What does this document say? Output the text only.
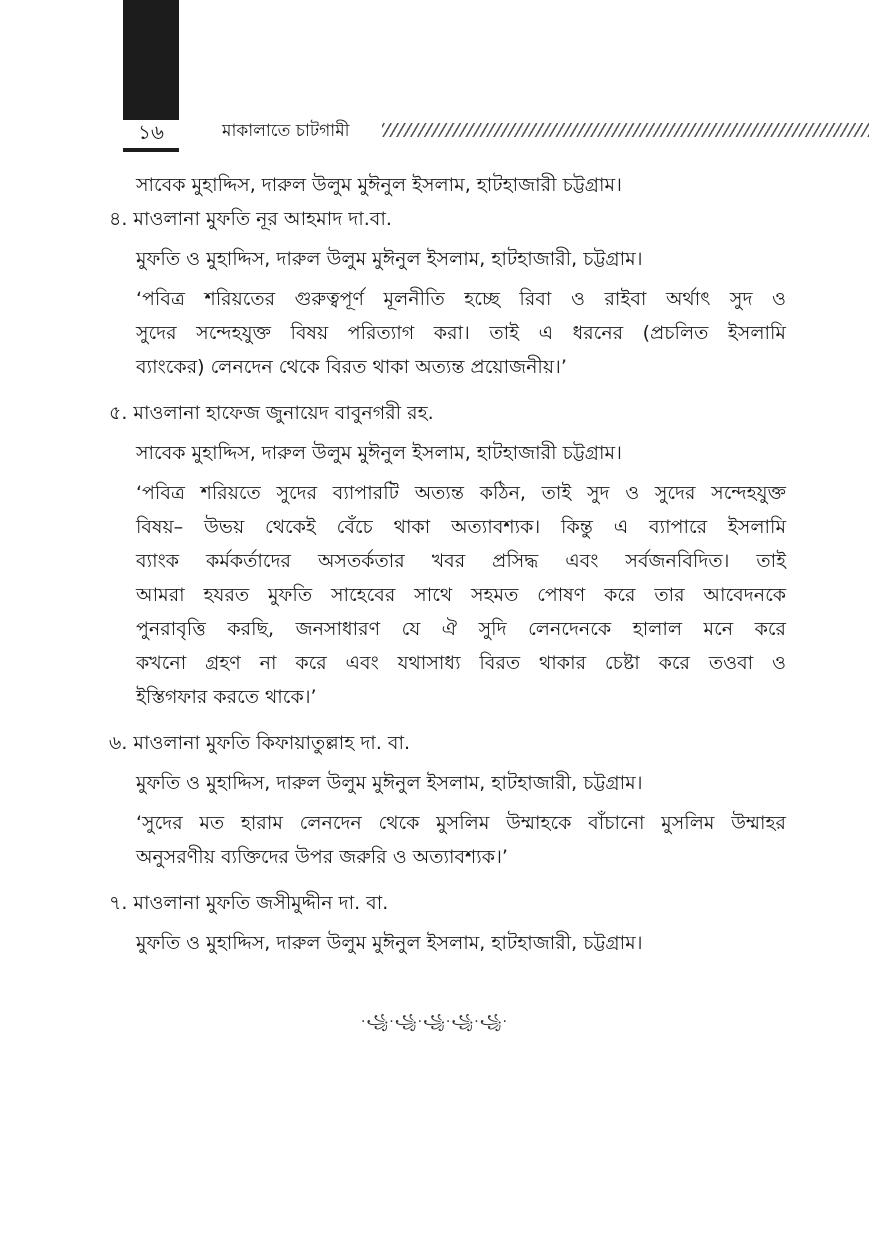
১৬	মাকালাতে চাটগামী
সাবেক মুহাদ্দিস, দারুল উলুম মুঈনুল ইসলাম, হাটহাজারী চট্টগ্রাম।
৪. মাওলানা মুফতি নূর আহমাদ দা.বা.
মুফতি ও মুহাদ্দিস, দারুল উলুম মুঈনুল ইসলাম, হাটহাজারী, চট্টগ্রাম।
‘পবিত্র শরিয়তের গুরুত্বপূর্ণ মূলনীতি হচ্ছে রিবা ও রাইবা অর্থাৎ সুদ ও
সুদের সন্দেহযুক্ত বিষয় পরিত্যাগ করা। তাই এ ধরনের (প্রচলিত ইসলামি
ব্যাংকের) লেনদেন থেকে বিরত থাকা অত্যন্ত প্রয়োজনীয়।’
৫. মাওলানা হাফেজ জুনায়েদ বাবুনগরী রহ.
সাবেক মুহাদ্দিস, দারুল উলুম মুঈনুল ইসলাম, হাটহাজারী চট্টগ্রাম।
‘পবিত্র শরিয়তে সুদের ব্যাপারটি অত্যন্ত কঠিন, তাই সুদ ও সুদের সন্দেহযুক্ত
বিষয়– উভয় থেকেই বেঁচে থাকা অত্যাবশ্যক। কিন্তু এ ব্যাপারে ইসলামি
ব্যাংক কর্মকর্তাদের অসতর্কতার খবর প্রসিদ্ধ এবং সর্বজনবিদিত। তাই
আমরা হযরত মুফতি সাহেবের সাথে সহমত পোষণ করে তার আবেদনকে
পুনরাবৃত্তি করছি, জনসাধারণ যে ঐ সুদি লেনদেনকে হালাল মনে করে
কখনো গ্রহণ না করে এবং যথাসাধ্য বিরত থাকার চেষ্টা করে তওবা ও
ইস্তিগফার করতে থাকে।’
৬. মাওলানা মুফতি কিফায়াতুল্লাহ দা. বা.
মুফতি ও মুহাদ্দিস, দারুল উলুম মুঈনুল ইসলাম, হাটহাজারী, চট্টগ্রাম।
‘সুদের মত হারাম লেনদেন থেকে মুসলিম উম্মাহকে বাঁচানো মুসলিম উম্মাহর
অনুসরণীয় ব্যক্তিদের উপর জরুরি ও অত্যাবশ্যক।’
৭. মাওলানা মুফতি জসীমুদ্দীন দা. বা.
মুফতি ও মুহাদ্দিস, দারুল উলুম মুঈনুল ইসলাম, হাটহাজারী, চট্টগ্রাম।
·꧁·꧁·꧁·꧁·꧁·
